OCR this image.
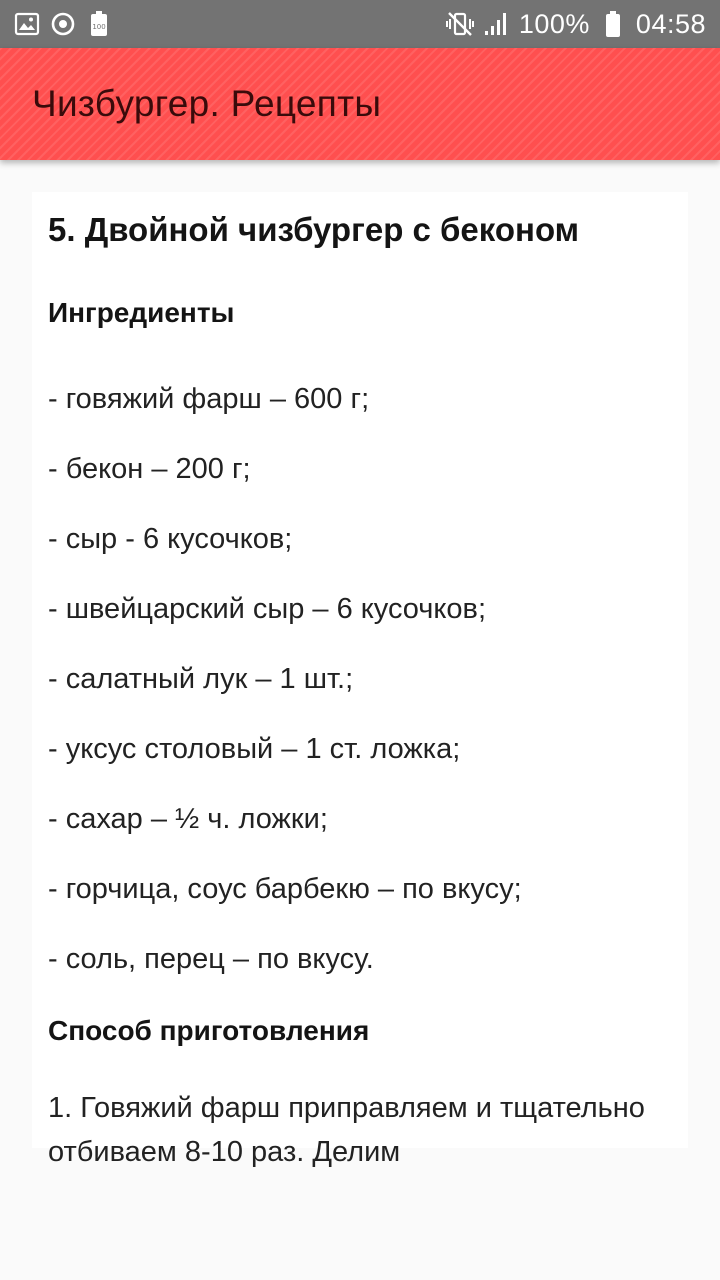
100	100% 04:58
Чизбургер. Рецепты
5. Двойной чизбургер с беконом
Ингредиенты
- говяжий фарш – 600 г;
- бекон – 200 г;
- сыр - 6 кусочков;
- швейцарский сыр – 6 кусочков;
- салатный лук – 1 шт.;
- уксус столовый – 1 ст. ложка;
- сахар – ½ ч. ложки;
- горчица, соус барбекю – по вкусу;
- соль, перец – по вкусу.
Способ приготовления
1. Говяжий фарш приправляем и тщательно отбиваем 8-10 раз. Делим
